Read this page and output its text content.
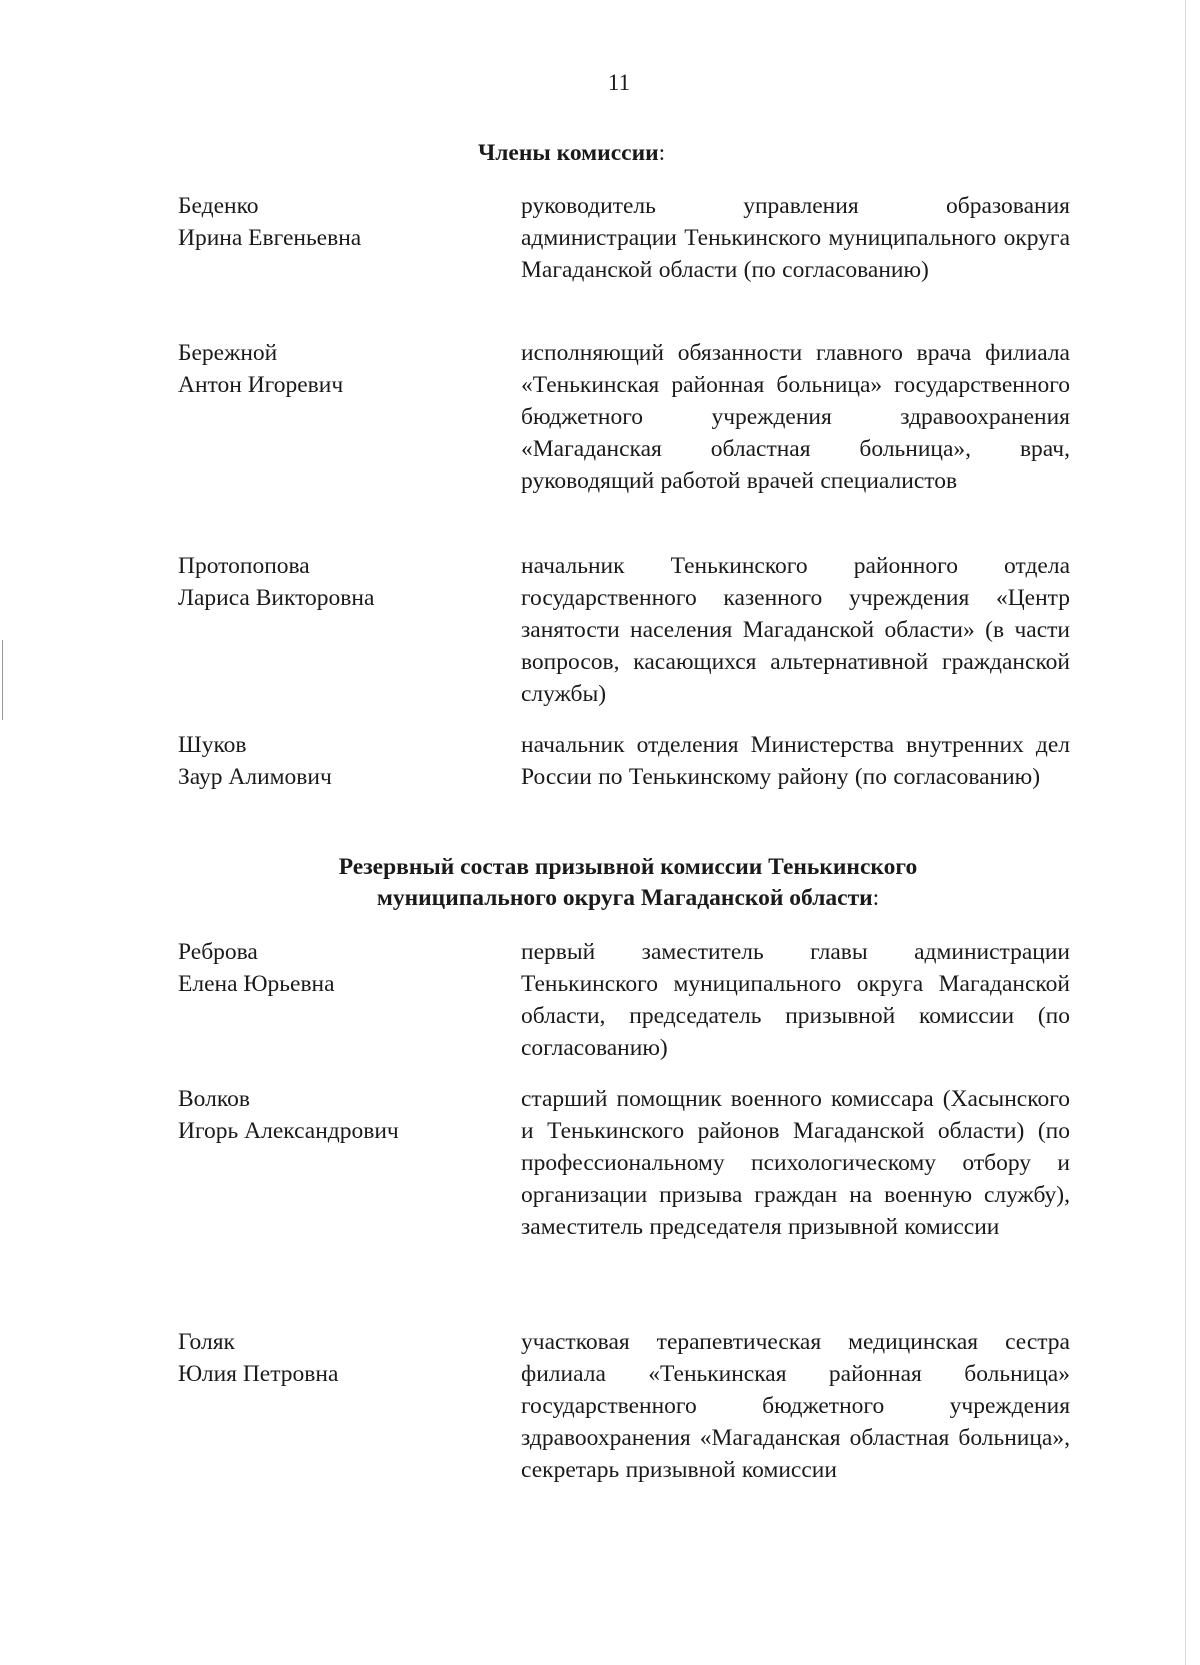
11
Члены комиссии:
Беденко
Ирина Евгеньевна
руководитель управления образования администрации Тенькинского муниципального округа Магаданской области (по согласованию)
Бережной
Антон Игоревич
исполняющий обязанности главного врача филиала «Тенькинская районная больница» государственного бюджетного учреждения здравоохранения «Магаданская областная больница», врач, руководящий работой врачей специалистов
Протопопова
Лариса Викторовна
начальник Тенькинского районного отдела государственного казенного учреждения «Центр занятости населения Магаданской области» (в части вопросов, касающихся альтернативной гражданской службы)
Шуков
Заур Алимович
начальник отделения Министерства внутренних дел России по Тенькинскому району (по согласованию)
Резервный состав призывной комиссии Тенькинского
муниципального округа Магаданской области:
Реброва
Елена Юрьевна
первый заместитель главы администрации Тенькинского муниципального округа Магаданской области, председатель призывной комиссии (по согласованию)
Волков
Игорь Александрович
старший помощник военного комиссара (Хасынского и Тенькинского районов Магаданской области) (по профессиональному психологическому отбору и организации призыва граждан на военную службу), заместитель председателя призывной комиссии
Голяк
Юлия Петровна
участковая терапевтическая медицинская сестра филиала «Тенькинская районная больница» государственного бюджетного учреждения здравоохранения «Магаданская областная больница», секретарь призывной комиссии
